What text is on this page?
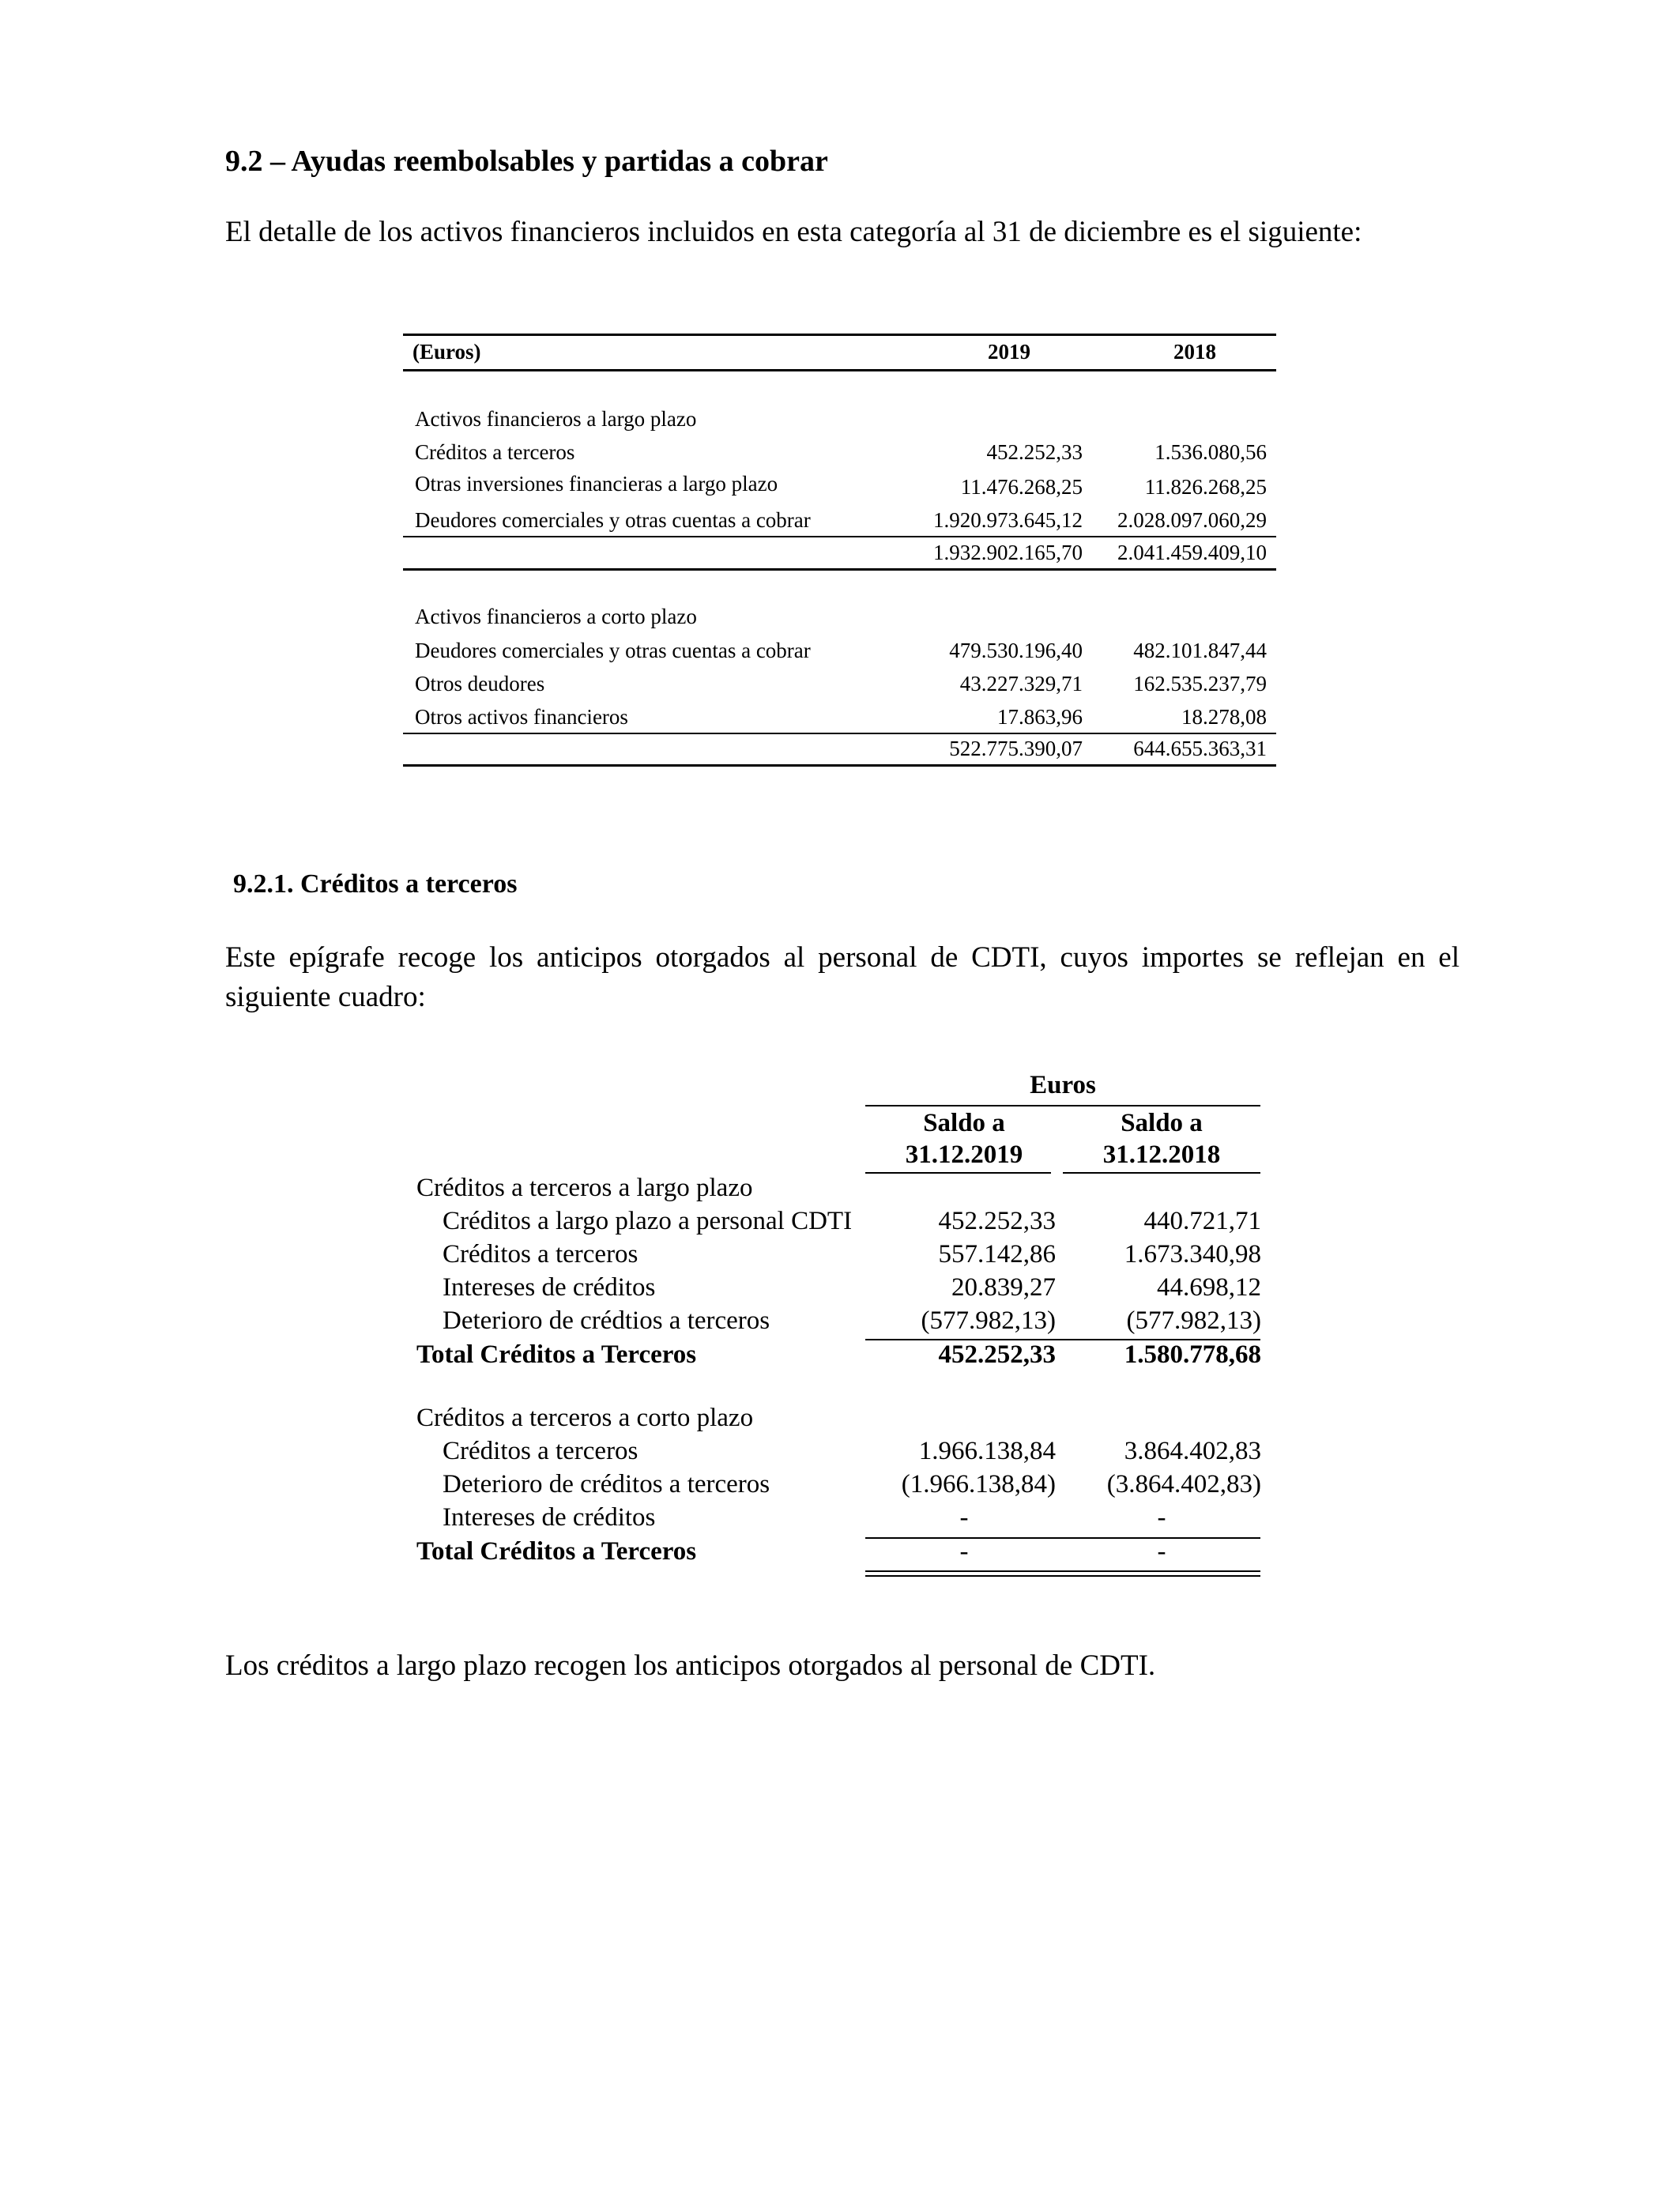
9.2 – Ayudas reembolsables y partidas a cobrar
El detalle de los activos financieros incluidos en esta categoría al 31 de diciembre es el siguiente:
(Euros)	2019	2018
Activos financieros a largo plazo
Créditos a terceros	452.252,33	1.536.080,56
Otras inversiones financieras a largo plazo	11.476.268,25	11.826.268,25
Deudores comerciales y otras cuentas a cobrar	1.920.973.645,12 2.028.097.060,29
1.932.902.165,70 2.041.459.409,10
Activos financieros a corto plazo
Deudores comerciales y otras cuentas a cobrar	479.530.196,40 482.101.847,44
Otros deudores	43.227.329,71 162.535.237,79
Otros activos financieros	17.863,96	18.278,08
522.775.390,07 644.655.363,31
9.2.1. Créditos a terceros
Este epígrafe recoge los anticipos otorgados al personal de CDTI, cuyos importes se reflejan en el siguiente cuadro:
Euros
Saldo a	Saldo a
31.12.2019	31.12.2018
Créditos a terceros a largo plazo
Créditos a largo plazo a personal CDTI	452.252,33	440.721,71
Créditos a terceros	557.142,86	1.673.340,98
Intereses de créditos	20.839,27	44.698,12
Deterioro de crédtios a terceros	(577.982,13)	(577.982,13)
Total Créditos a Terceros	452.252,33	1.580.778,68
Créditos a terceros a corto plazo
Créditos a terceros	1.966.138,84	3.864.402,83
Deterioro de créditos a terceros	(1.966.138,84) (3.864.402,83)
Intereses de créditos	-	-
Total Créditos a Terceros	-	-
Los créditos a largo plazo recogen los anticipos otorgados al personal de CDTI.
